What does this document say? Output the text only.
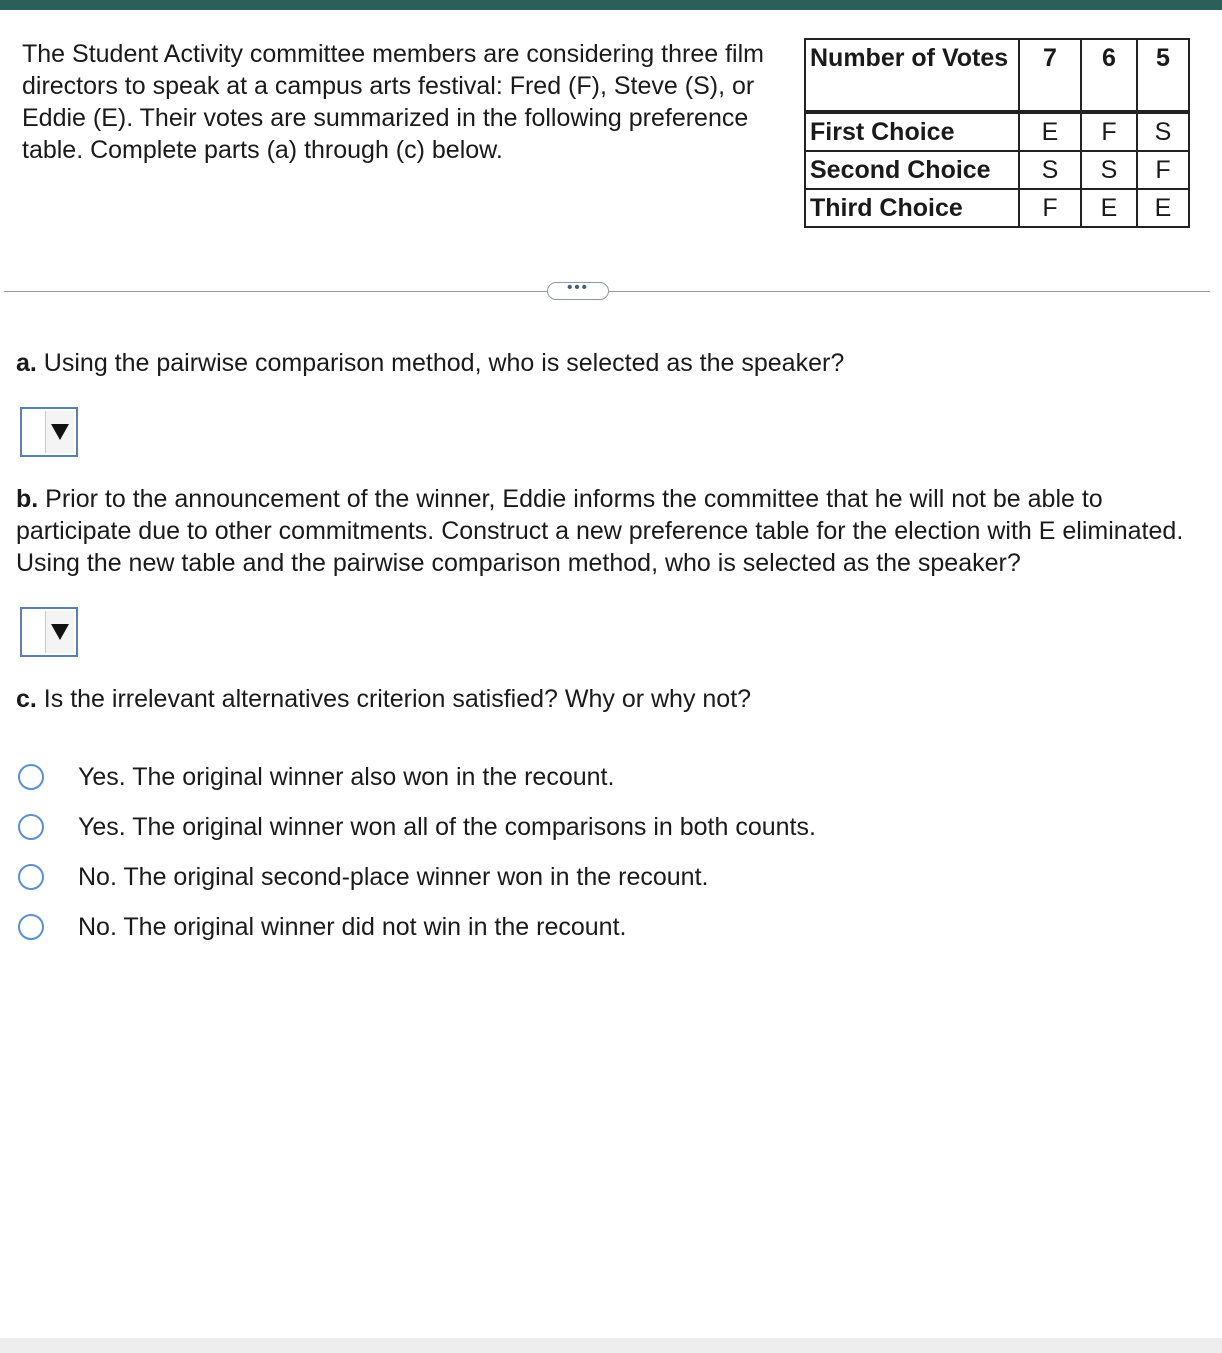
The Student Activity committee members are considering three film directors to speak at a campus arts festival: Fred (F), Steve (S), or Eddie (E). Their votes are summarized in the following preference table. Complete parts (a) through (c) below.

Number of Votes	7	6	5
First Choice	E	F	S
Second Choice	S	S	F
Third Choice	F	E	E
•••

a. Using the pairwise comparison method, who is selected as the speaker?

b. Prior to the announcement of the winner, Eddie informs the committee that he will not be able to participate due to other commitments. Construct a new preference table for the election with E eliminated. Using the new table and the pairwise comparison method, who is selected as the speaker?

c. Is the irrelevant alternatives criterion satisfied? Why or why not?

Yes. The original winner also won in the recount.
Yes. The original winner won all of the comparisons in both counts.
No. The original second-place winner won in the recount.
No. The original winner did not win in the recount.
